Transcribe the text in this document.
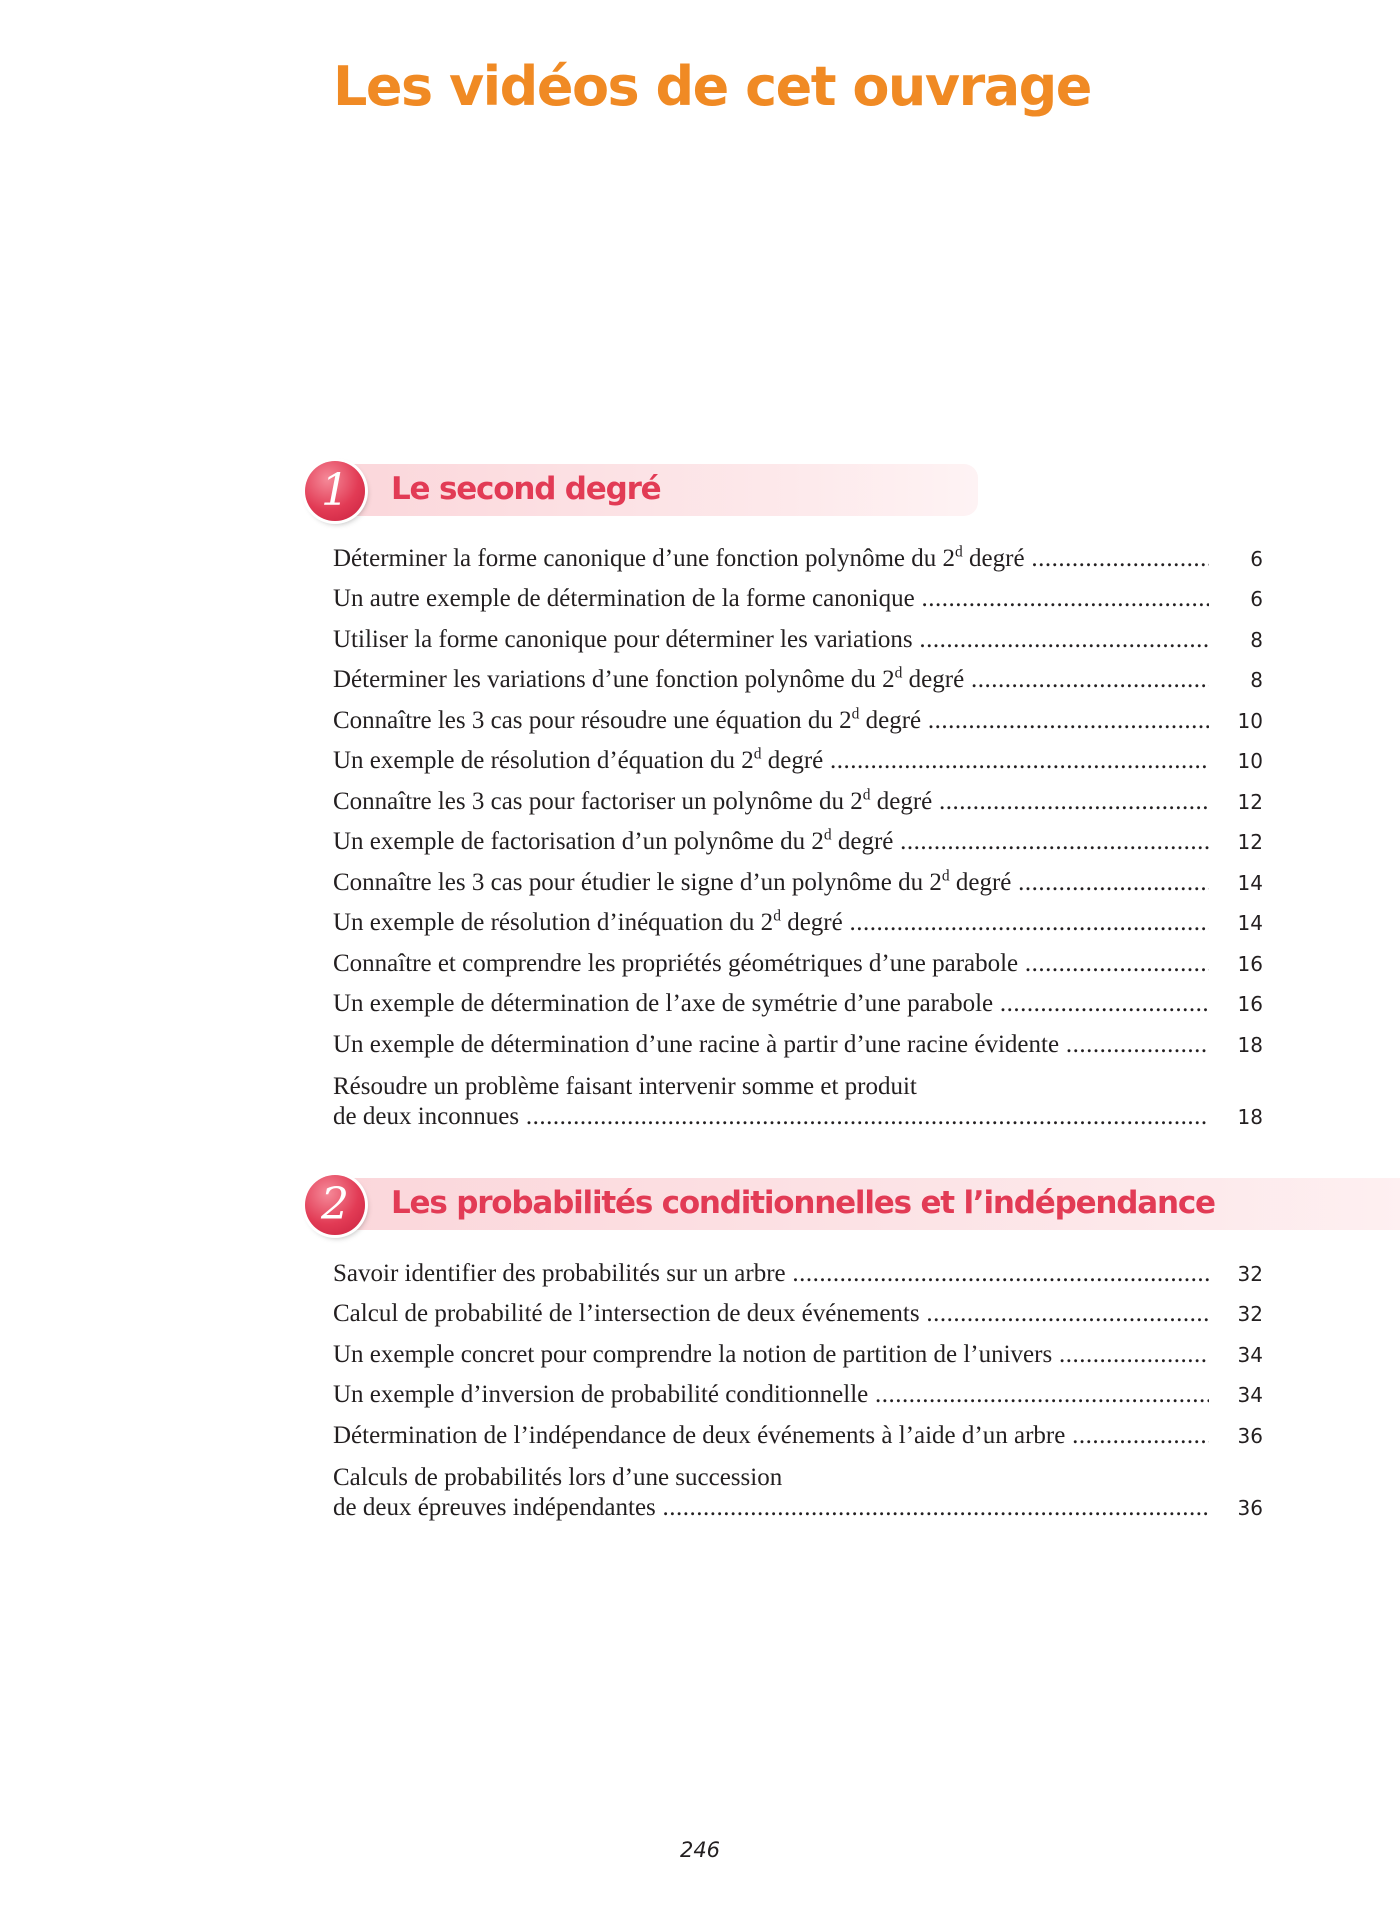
Les vidéos de cet ouvrage
1	Le second degré
Déterminer la forme canonique d’une fonction polynôme du 2$^d$ degré .....	6
Un autre exemple de détermination de la forme canonique .....	6
Utiliser la forme canonique pour déterminer les variations .....	8
Déterminer les variations d’une fonction polynôme du 2$^d$ degré .....	8
Connaître les 3 cas pour résoudre une équation du 2$^d$ degré .....	10
Un exemple de résolution d’équation du 2$^d$ degré .....	10
Connaître les 3 cas pour factoriser un polynôme du 2$^d$ degré .....	12
Un exemple de factorisation d’un polynôme du 2$^d$ degré .....	12
Connaître les 3 cas pour étudier le signe d’un polynôme du 2$^d$ degré .....	14
Un exemple de résolution d’inéquation du 2$^d$ degré .....	14
Connaître et comprendre les propriétés géométriques d’une parabole .....	16
Un exemple de détermination de l’axe de symétrie d’une parabole .....	16
Un exemple de détermination d’une racine à partir d’une racine évidente .....	18
Résoudre un problème faisant intervenir somme et produit
de deux inconnues .....	18
2	Les probabilités conditionnelles et l’indépendance
Savoir identifier des probabilités sur un arbre .....	32
Calcul de probabilité de l’intersection de deux événements .....	32
Un exemple concret pour comprendre la notion de partition de l’univers .....	34
Un exemple d’inversion de probabilité conditionnelle .....	34
Détermination de l’indépendance de deux événements à l’aide d’un arbre .....	36
Calculs de probabilités lors d’une succession
de deux épreuves indépendantes .....	36
246
